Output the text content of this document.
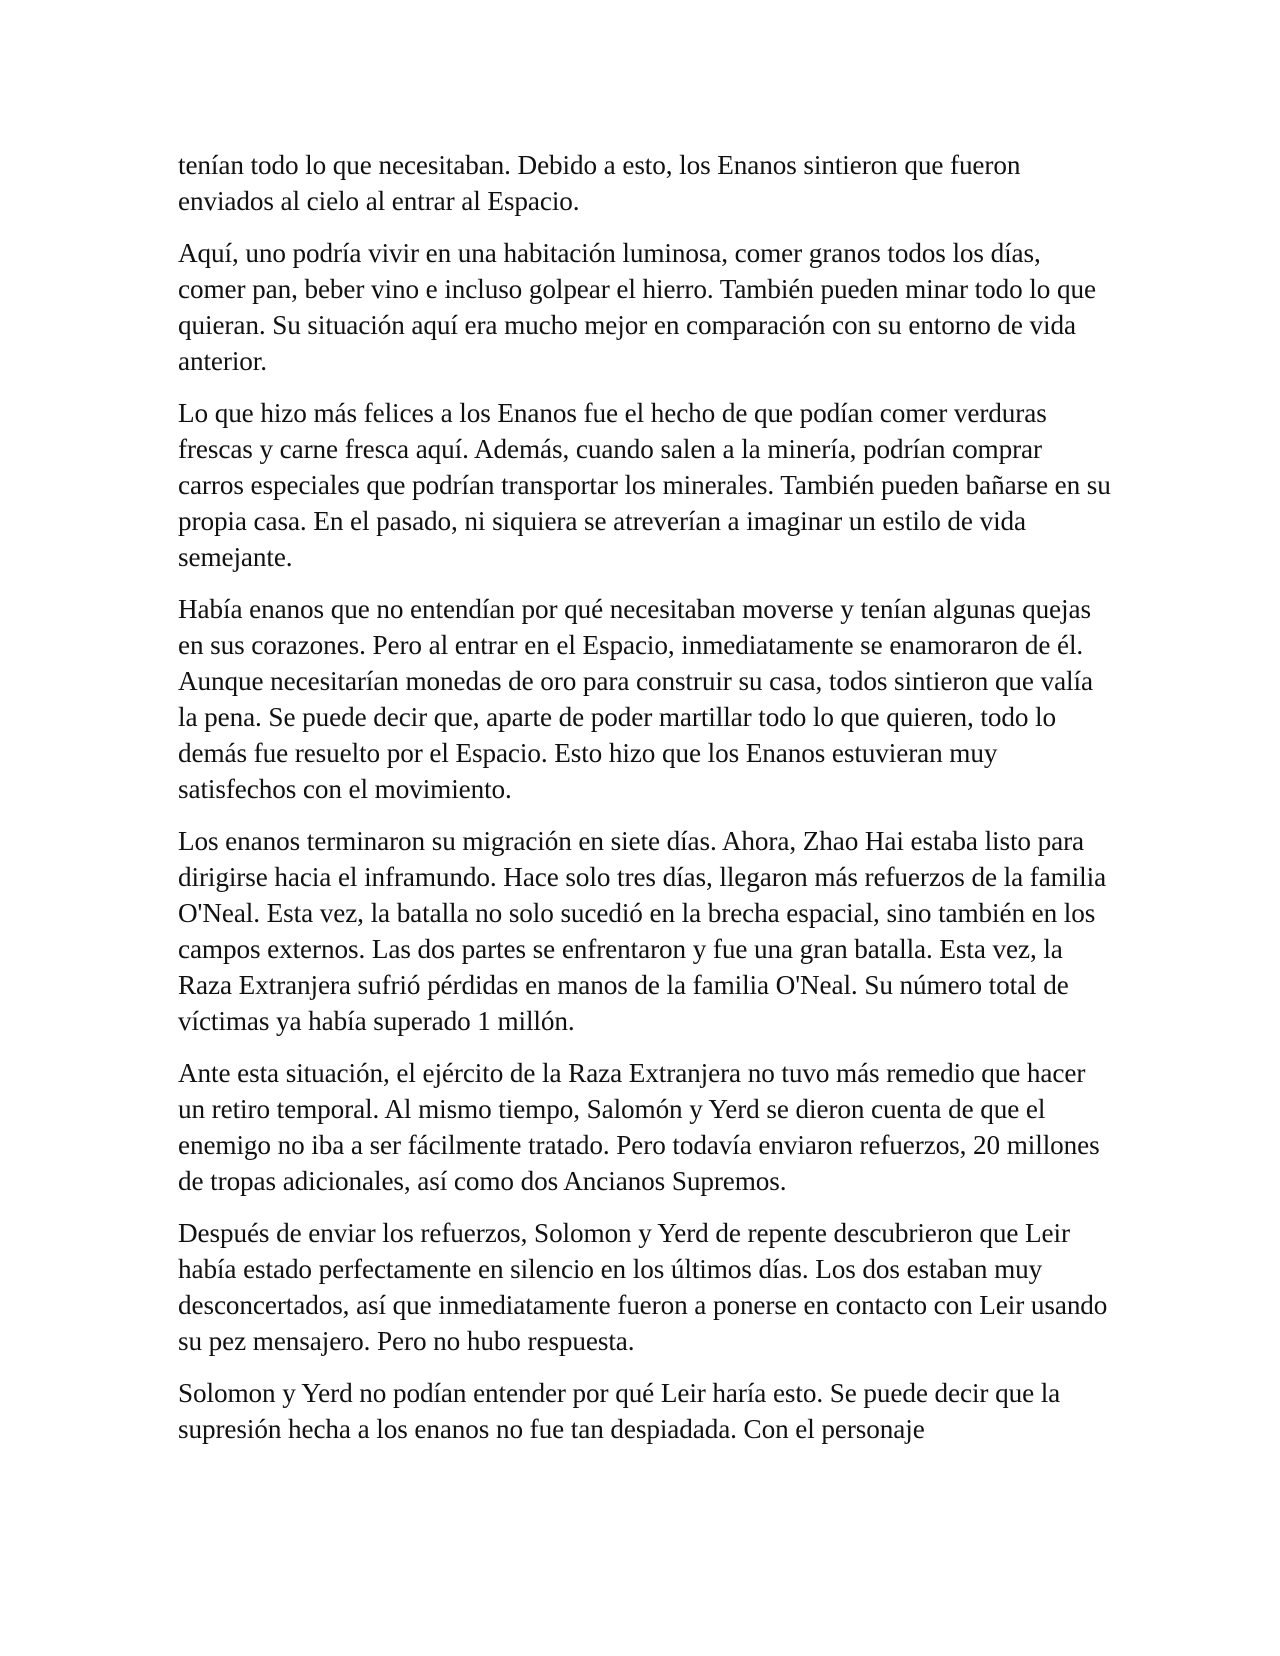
tenían todo lo que necesitaban. Debido a esto, los Enanos sintieron que fueron enviados al cielo al entrar al Espacio.

Aquí, uno podría vivir en una habitación luminosa, comer granos todos los días, comer pan, beber vino e incluso golpear el hierro. También pueden minar todo lo que quieran. Su situación aquí era mucho mejor en comparación con su entorno de vida anterior.

Lo que hizo más felices a los Enanos fue el hecho de que podían comer verduras frescas y carne fresca aquí. Además, cuando salen a la minería, podrían comprar carros especiales que podrían transportar los minerales. También pueden bañarse en su propia casa. En el pasado, ni siquiera se atreverían a imaginar un estilo de vida semejante.

Había enanos que no entendían por qué necesitaban moverse y tenían algunas quejas en sus corazones. Pero al entrar en el Espacio, inmediatamente se enamoraron de él. Aunque necesitarían monedas de oro para construir su casa, todos sintieron que valía la pena. Se puede decir que, aparte de poder martillar todo lo que quieren, todo lo demás fue resuelto por el Espacio. Esto hizo que los Enanos estuvieran muy satisfechos con el movimiento.

Los enanos terminaron su migración en siete días. Ahora, Zhao Hai estaba listo para dirigirse hacia el inframundo. Hace solo tres días, llegaron más refuerzos de la familia O'Neal. Esta vez, la batalla no solo sucedió en la brecha espacial, sino también en los campos externos. Las dos partes se enfrentaron y fue una gran batalla. Esta vez, la Raza Extranjera sufrió pérdidas en manos de la familia O'Neal. Su número total de víctimas ya había superado 1 millón.

Ante esta situación, el ejército de la Raza Extranjera no tuvo más remedio que hacer un retiro temporal. Al mismo tiempo, Salomón y Yerd se dieron cuenta de que el enemigo no iba a ser fácilmente tratado. Pero todavía enviaron refuerzos, 20 millones de tropas adicionales, así como dos Ancianos Supremos.

Después de enviar los refuerzos, Solomon y Yerd de repente descubrieron que Leir había estado perfectamente en silencio en los últimos días. Los dos estaban muy desconcertados, así que inmediatamente fueron a ponerse en contacto con Leir usando su pez mensajero. Pero no hubo respuesta.

Solomon y Yerd no podían entender por qué Leir haría esto. Se puede decir que la supresión hecha a los enanos no fue tan despiadada. Con el personaje
